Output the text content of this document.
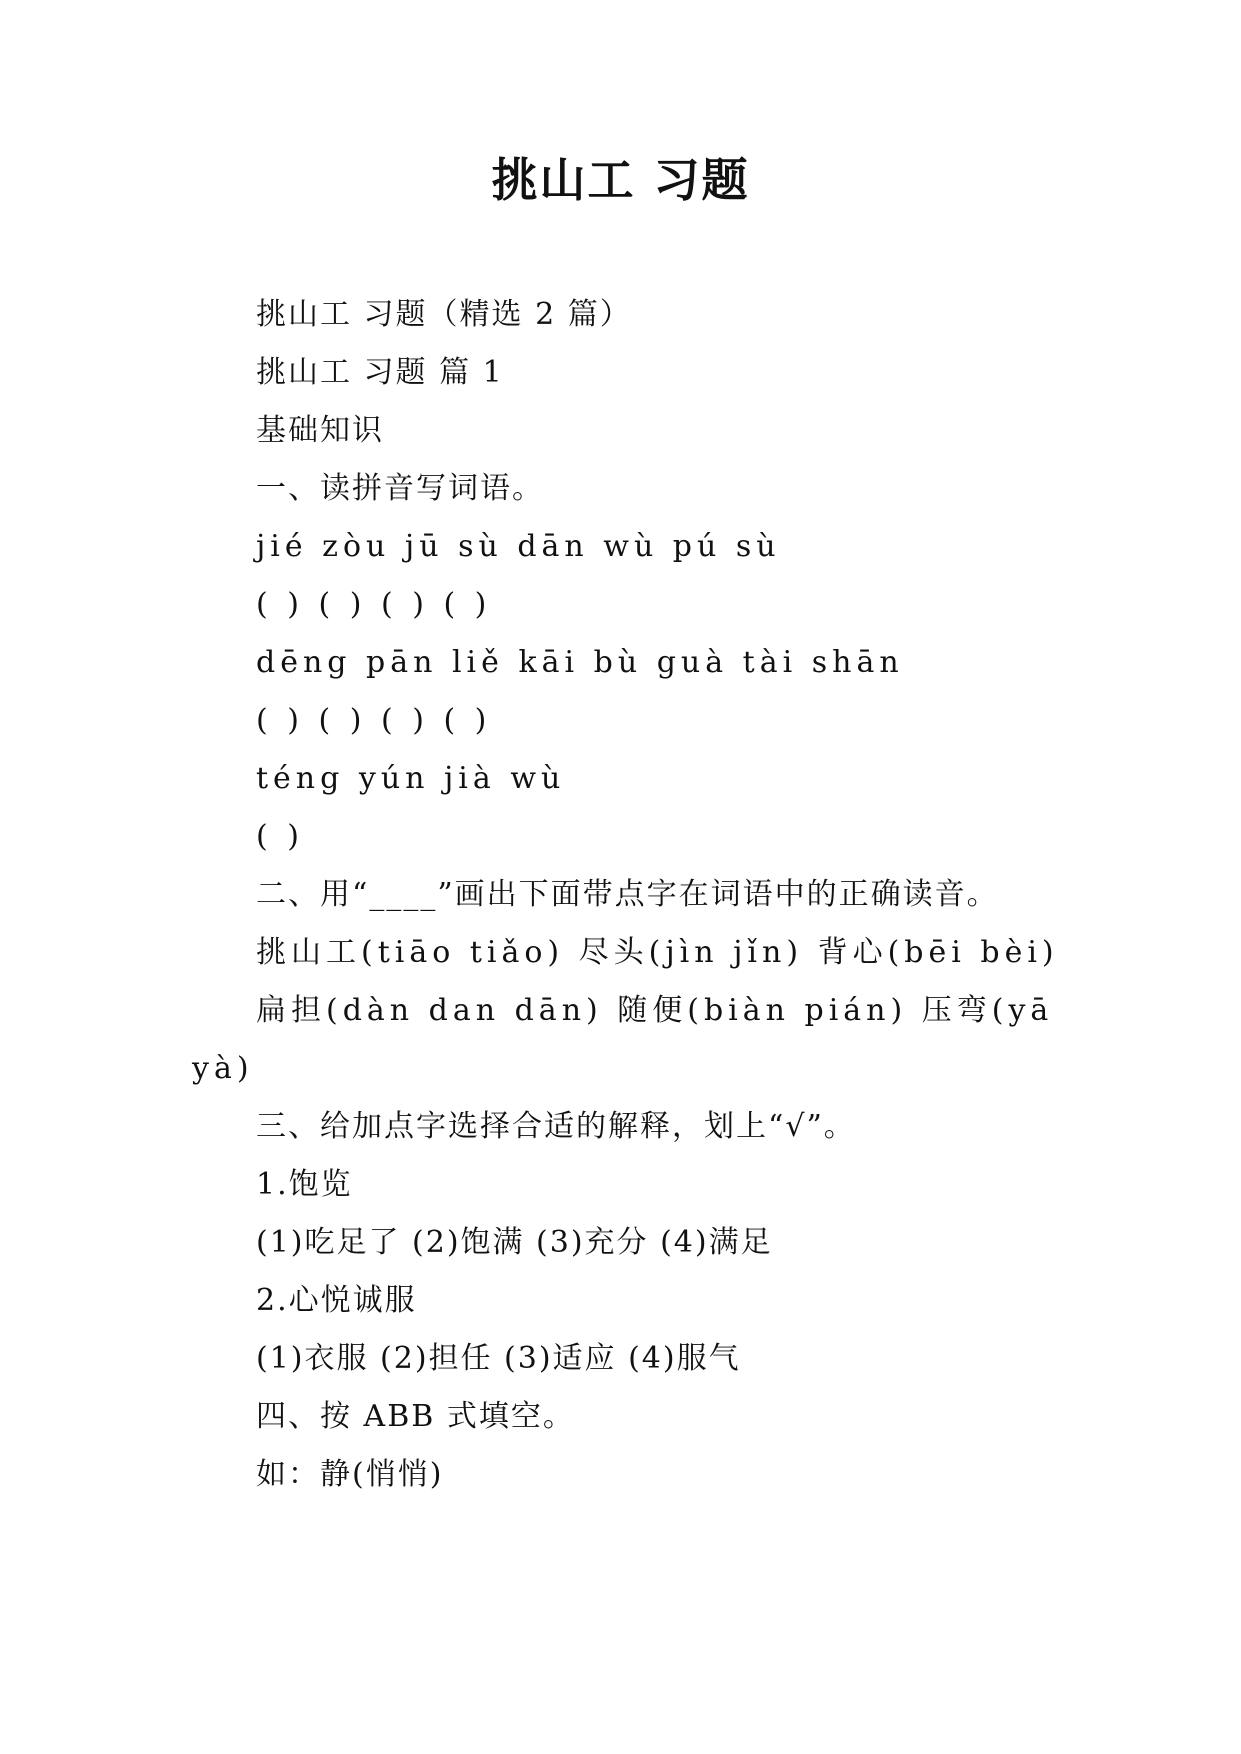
挑山工 习题

挑山工 习题（精选 2 篇）

挑山工 习题 篇 1

基础知识

一、读拼音写词语。

jié zòu jū sù dān wù pú sù

( ) ( ) ( ) ( )

dēng pān liě kāi bù guà tài shān

( ) ( ) ( ) ( )

téng yún jià wù

( )

二、用“____”画出下面带点字在词语中的正确读音。

挑山工(tiāo tiǎo) 尽头(jìn jǐn) 背心(bēi bèi)

扁担(dàn dan dān) 随便(biàn pián) 压弯(yā yà)

三、给加点字选择合适的解释，划上“√”。

1.饱览

(1)吃足了 (2)饱满 (3)充分 (4)满足

2.心悦诚服

(1)衣服 (2)担任 (3)适应 (4)服气

四、按 ABB 式填空。

如：静(悄悄)
